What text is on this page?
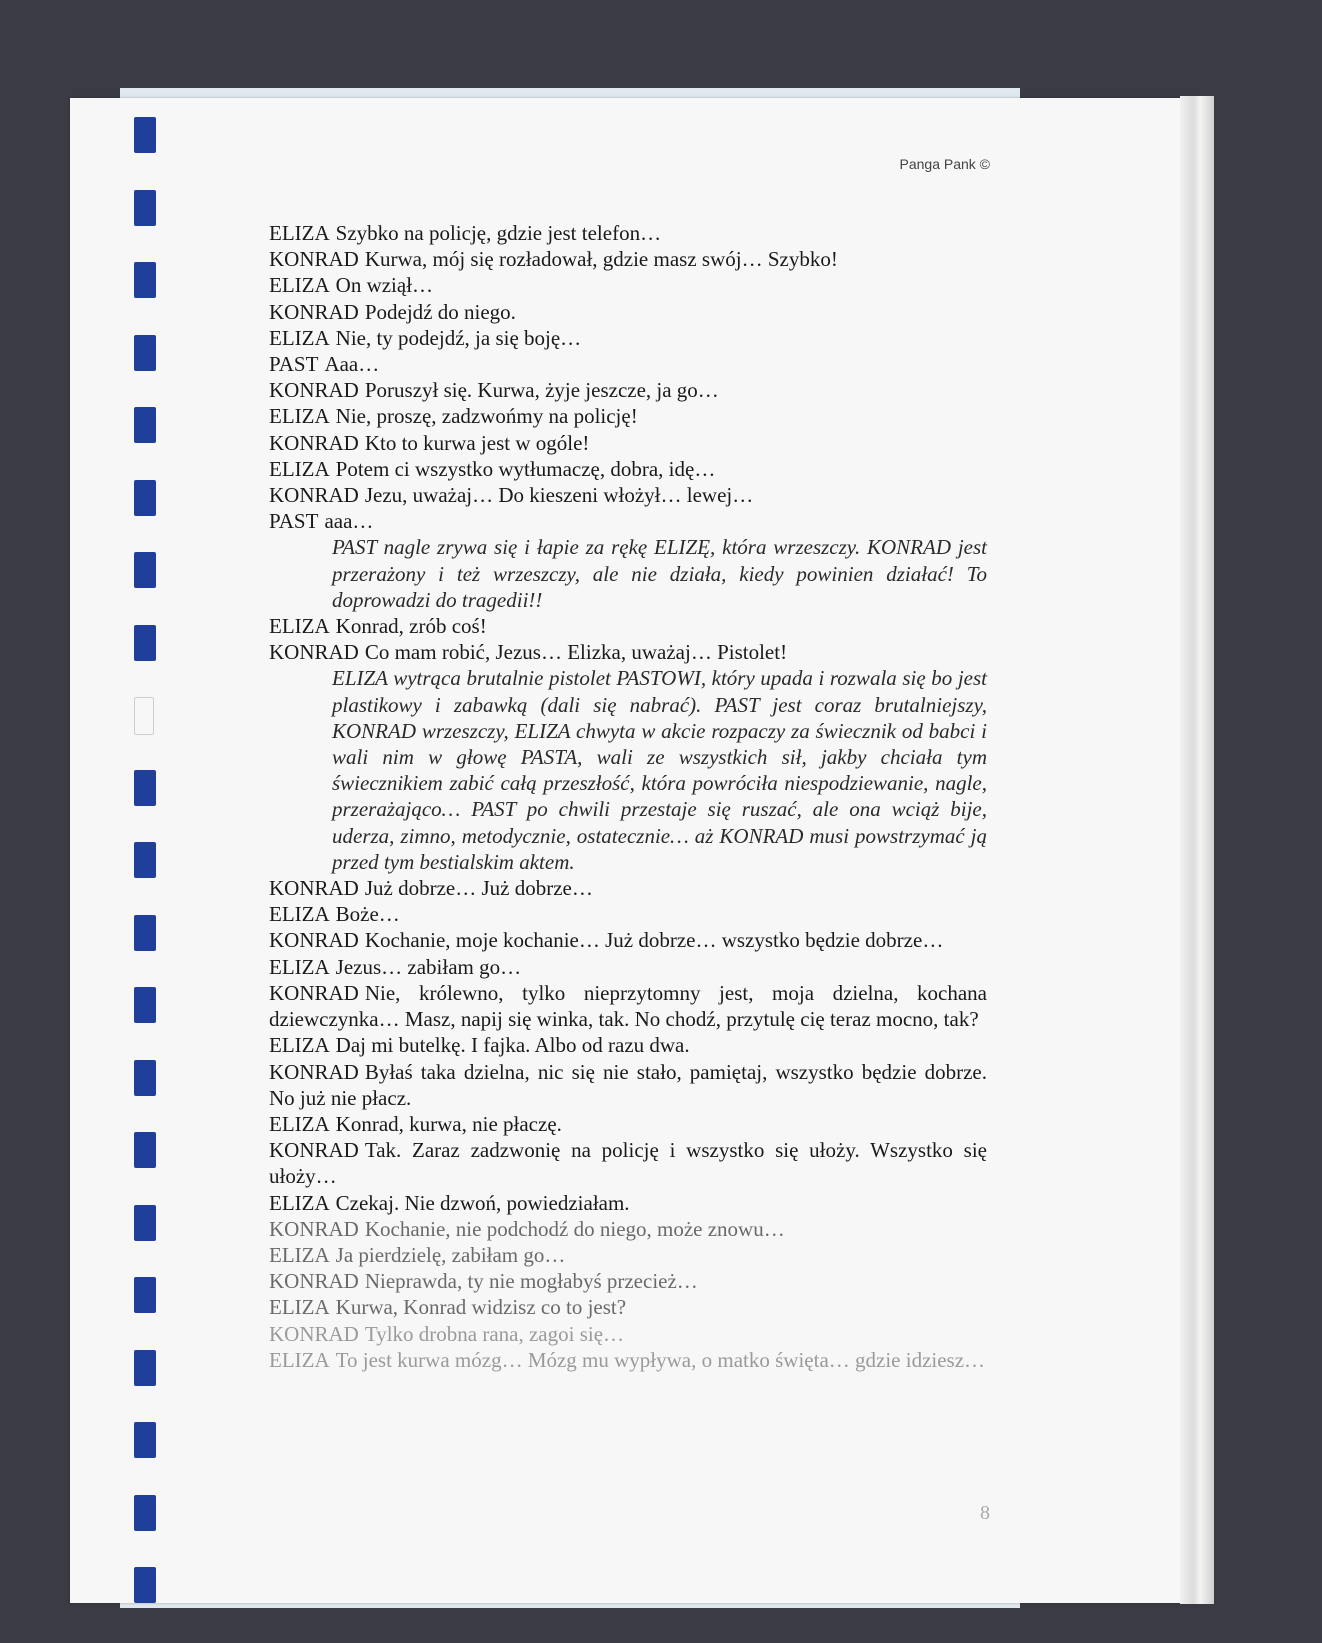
Panga Pank ©

ELIZA Szybko na policję, gdzie jest telefon…

KONRAD Kurwa, mój się rozładował, gdzie masz swój… Szybko!

ELIZA On wziął…

KONRAD Podejdź do niego.

ELIZA Nie, ty podejdź, ja się boję…

PAST Aaa…

KONRAD Poruszył się. Kurwa, żyje jeszcze, ja go…

ELIZA Nie, proszę, zadzwońmy na policję!

KONRAD Kto to kurwa jest w ogóle!

ELIZA Potem ci wszystko wytłumaczę, dobra, idę…

KONRAD Jezu, uważaj… Do kieszeni włożył… lewej…

PAST aaa…

PAST nagle zrywa się i łapie za rękę ELIZĘ, która wrzeszczy. KONRAD jest przerażony i też wrzeszczy, ale nie działa, kiedy powinien działać! To doprowadzi do tragedii!!

ELIZA Konrad, zrób coś!

KONRAD Co mam robić, Jezus… Elizka, uważaj… Pistolet!

ELIZA wytrąca brutalnie pistolet PASTOWI, który upada i rozwala się bo jest plastikowy i zabawką (dali się nabrać). PAST jest coraz brutalniejszy, KONRAD wrzeszczy, ELIZA chwyta w akcie rozpaczy za świecznik od babci i wali nim w głowę PASTA, wali ze wszystkich sił, jakby chciała tym świecznikiem zabić całą przeszłość, która powróciła niespodziewanie, nagle, przerażająco… PAST po chwili przestaje się ruszać, ale ona wciąż bije, uderza, zimno, metodycznie, ostatecznie… aż KONRAD musi powstrzymać ją przed tym bestialskim aktem.

KONRAD Już dobrze… Już dobrze…

ELIZA Boże…

KONRAD Kochanie, moje kochanie… Już dobrze… wszystko będzie dobrze…

ELIZA Jezus… zabiłam go…

KONRAD Nie, królewno, tylko nieprzytomny jest, moja dzielna, kochana dziewczynka… Masz, napij się winka, tak. No chodź, przytulę cię teraz mocno, tak?

ELIZA Daj mi butelkę. I fajka. Albo od razu dwa.

KONRAD Byłaś taka dzielna, nic się nie stało, pamiętaj, wszystko będzie dobrze. No już nie płacz.

ELIZA Konrad, kurwa, nie płaczę.

KONRAD Tak. Zaraz zadzwonię na policję i wszystko się ułoży. Wszystko się ułoży…

ELIZA Czekaj. Nie dzwoń, powiedziałam.

KONRAD Kochanie, nie podchodź do niego, może znowu…

ELIZA Ja pierdzielę, zabiłam go…

KONRAD Nieprawda, ty nie mogłabyś przecież…

ELIZA Kurwa, Konrad widzisz co to jest?

KONRAD Tylko drobna rana, zagoi się…

ELIZA To jest kurwa mózg… Mózg mu wypływa, o matko święta… gdzie idziesz…

8
